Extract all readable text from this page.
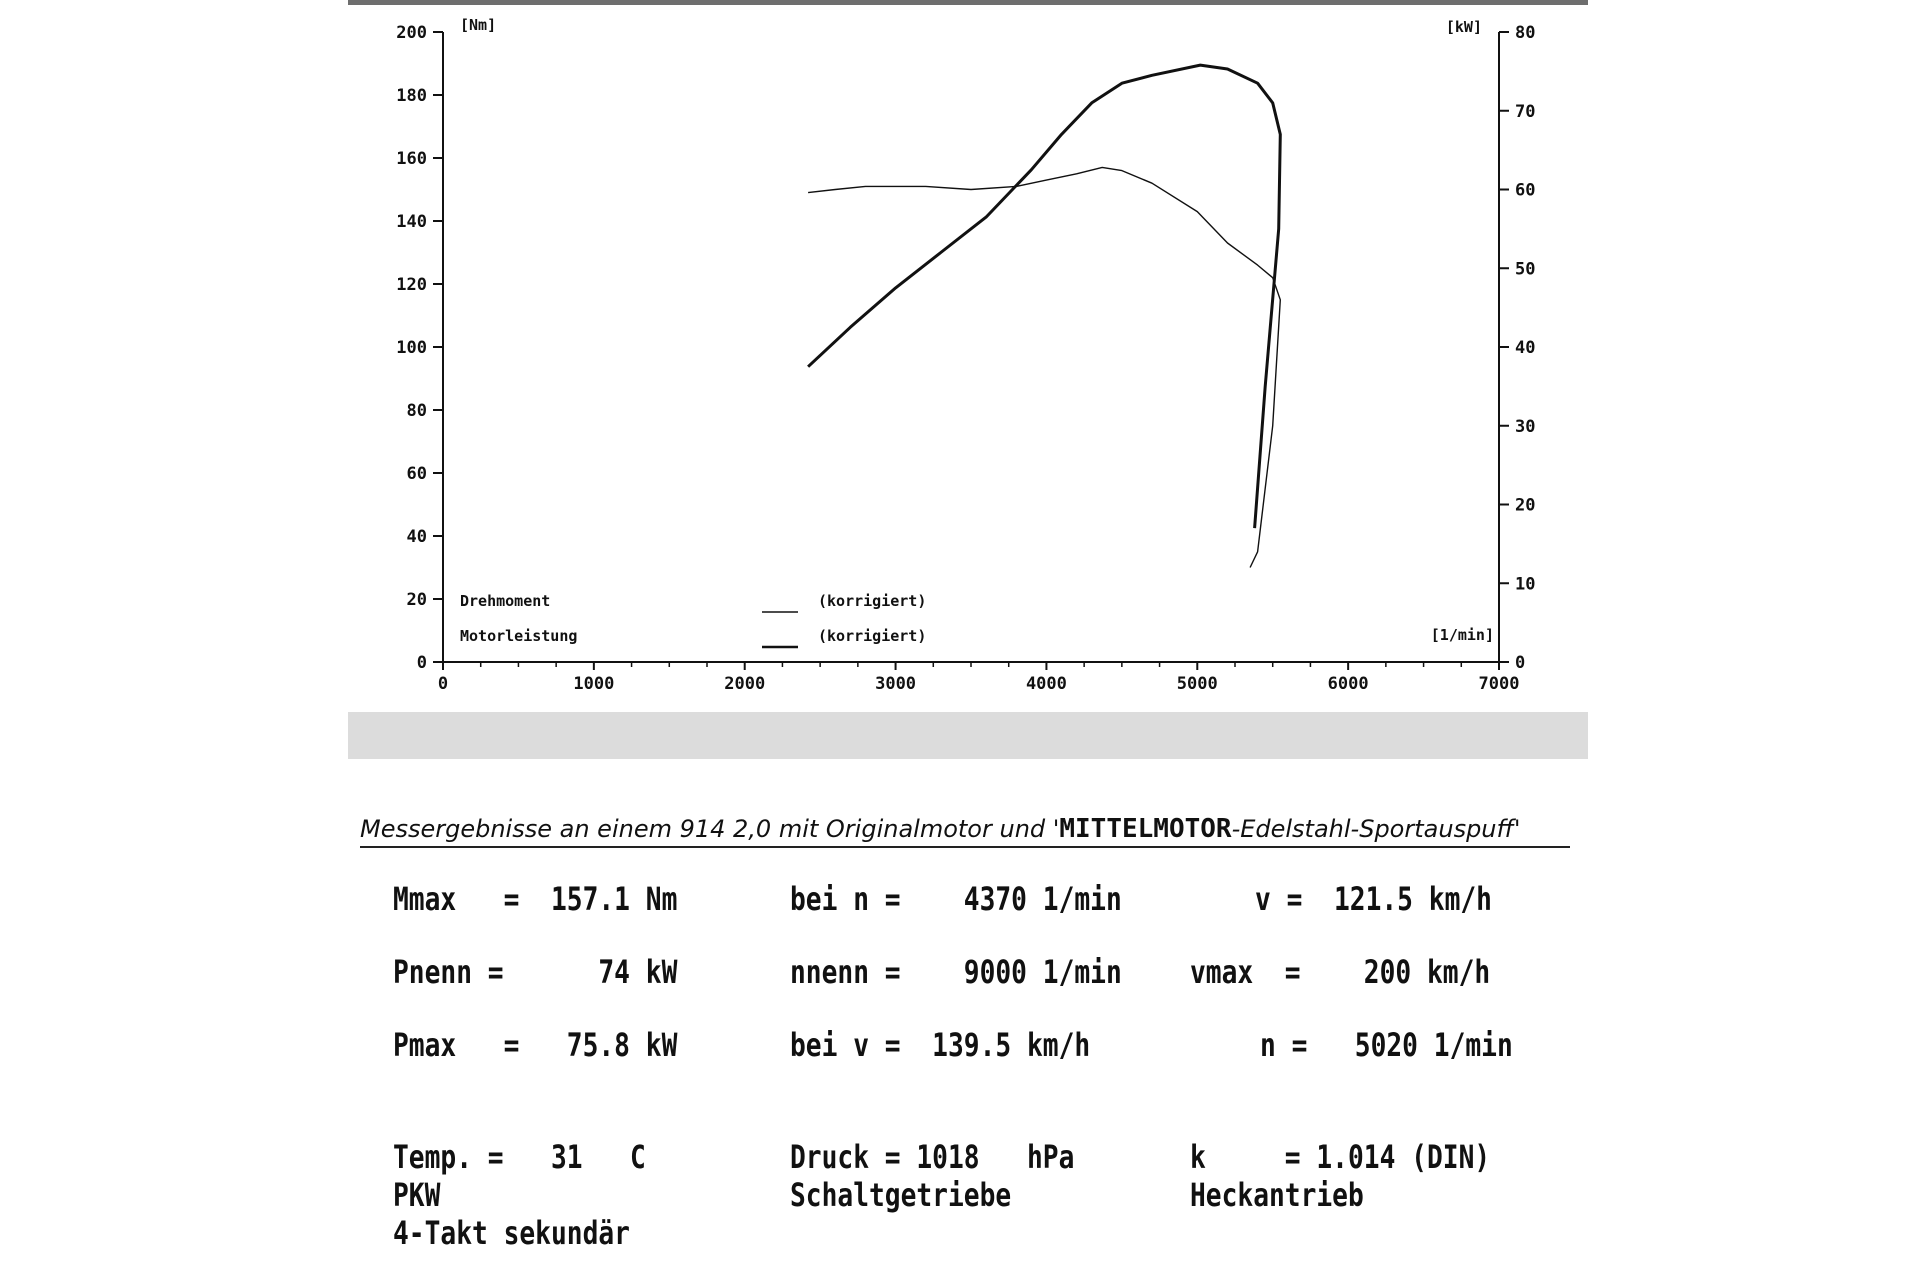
0
20
40
60
80
100
120
140
160
180
200
0
10
20
30
40
50
60
70
80
0	1000	2000	3000	4000	5000	6000	7000
[Nm]	[kW]
[1/min]
Drehmoment	(korrigiert)
Motorleistung	(korrigiert)
Messergebnisse an einem 914 2,0 mit Originalmotor und 'MITTELMOTOR-Edelstahl-Sportauspuff'
Mmax   =  157.1 Nm	bei n =    4370 1/min	v =  121.5 km/h
Pnenn =      74 kW	nnenn =    9000 1/min vmax  =    200 km/h
Pmax   =   75.8 kW	bei v =  139.5 km/h	n =   5020 1/min
Temp. =   31   C	Druck = 1018   hPa	k     = 1.014 (DIN)
PKW	Schaltgetriebe	Heckantrieb
4-Takt sekundär
